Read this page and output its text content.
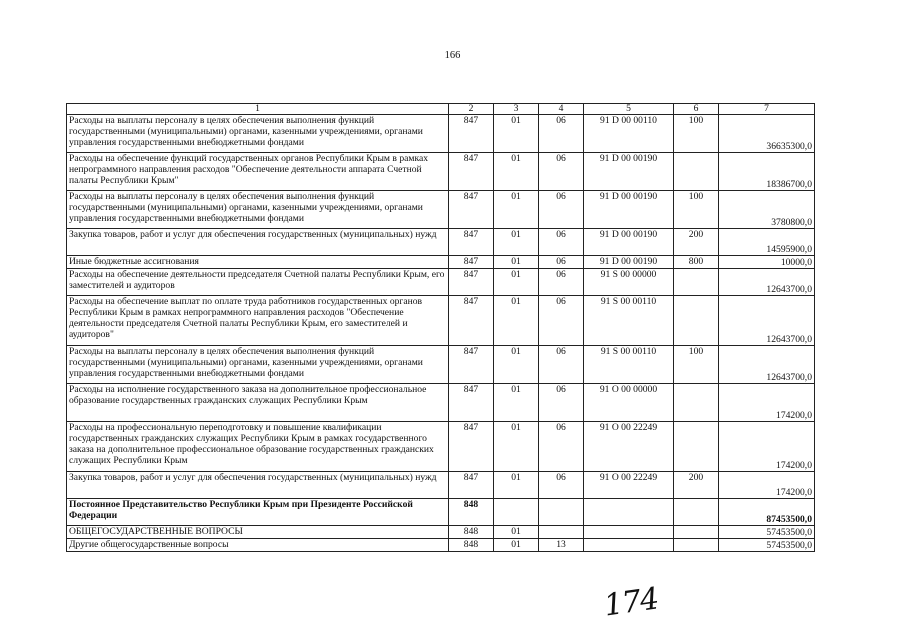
166
1	2	3	4	5	6	7
Расходы на выплаты персоналу в целях обеспечения выполнения функций государственными (муниципальными) органами, казенными учреждениями, органами управления государственными внебюджетными фондами	847	01	06	91 D 00 00110	100	36635300,0
Расходы на обеспечение функций государственных органов Республики Крым в рамках непрограммного направления расходов "Обеспечение деятельности аппарата Счетной палаты Республики Крым"	847	01	06	91 D 00 00190		18386700,0
Расходы на выплаты персоналу в целях обеспечения выполнения функций государственными (муниципальными) органами, казенными учреждениями, органами управления государственными внебюджетными фондами	847	01	06	91 D 00 00190	100	3780800,0
Закупка товаров, работ и услуг для обеспечения государственных (муниципальных) нужд	847	01	06	91 D 00 00190	200	14595900,0
Иные бюджетные ассигнования	847	01	06	91 D 00 00190	800	10000,0
Расходы на обеспечение деятельности председателя Счетной палаты Республики Крым, его заместителей и аудиторов	847	01	06	91 S 00 00000		12643700,0
Расходы на обеспечение выплат по оплате труда работников государственных органов Республики Крым в рамках непрограммного направления расходов "Обеспечение деятельности председателя Счетной палаты Республики Крым, его заместителей и аудиторов"	847	01	06	91 S 00 00110		12643700,0
Расходы на выплаты персоналу в целях обеспечения выполнения функций государственными (муниципальными) органами, казенными учреждениями, органами управления государственными внебюджетными фондами	847	01	06	91 S 00 00110	100	12643700,0
Расходы на исполнение государственного заказа на дополнительное профессиональное образование государственных гражданских служащих Республики Крым	847	01	06	91 O 00 00000		174200,0
Расходы на профессиональную переподготовку и повышение квалификации государственных гражданских служащих Республики Крым в рамках государственного заказа на дополнительное профессиональное образование государственных гражданских служащих Республики Крым	847	01	06	91 O 00 22249		174200,0
Закупка товаров, работ и услуг для обеспечения государственных (муниципальных) нужд	847	01	06	91 O 00 22249	200	174200,0
Постоянное Представительство Республики Крым при Президенте Российской Федерации	848					87453500,0
ОБЩЕГОСУДАРСТВЕННЫЕ ВОПРОСЫ	848	01				57453500,0
Другие общегосударственные вопросы	848	01	13			57453500,0
174
